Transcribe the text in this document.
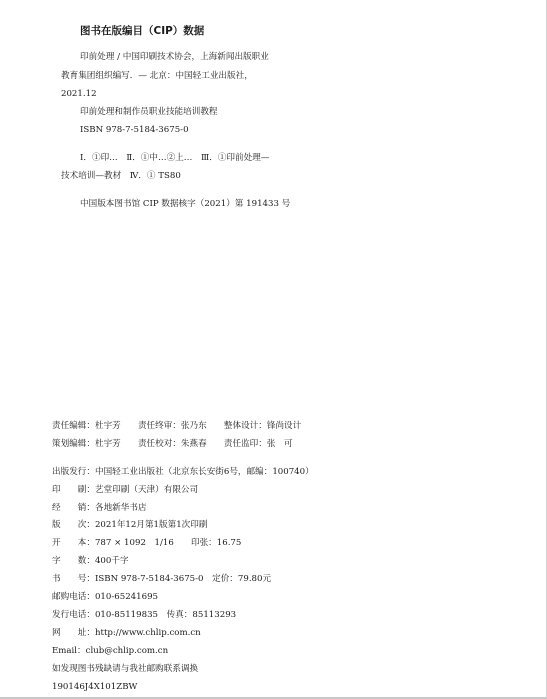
图书在版编目（CIP）数据
印前处理 / 中国印刷技术协会，上海新闻出版职业
教育集团组织编写．— 北京：中国轻工业出版社，
2021.12
印前处理和制作员职业技能培训教程
ISBN 978-7-5184-3675-0
Ⅰ．①印…　Ⅱ．①中…②上…　Ⅲ．①印前处理—
技术培训—教材　Ⅳ．① TS80
中国版本图书馆 CIP 数据核字（2021）第 191433 号
责任编辑：杜宇芳　　责任终审：张乃东　　整体设计：锋尚设计
策划编辑：杜宇芳　　责任校对：朱燕春　　责任监印：张　可
出版发行：中国轻工业出版社（北京东长安街6号，邮编：100740）
印　　刷：艺堂印刷（天津）有限公司
经　　销：各地新华书店
版　　次：2021年12月第1版第1次印刷
开　　本：787 × 1092　1/16　　印张：16.75
字　　数：400千字
书　　号：ISBN 978-7-5184-3675-0　定价：79.80元
邮购电话：010-65241695
发行电话：010-85119835　传真：85113293
网　　址：http://www.chlip.com.cn
Email：club@chlip.com.cn
如发现图书残缺请与我社邮购联系调换
190146J4X101ZBW
